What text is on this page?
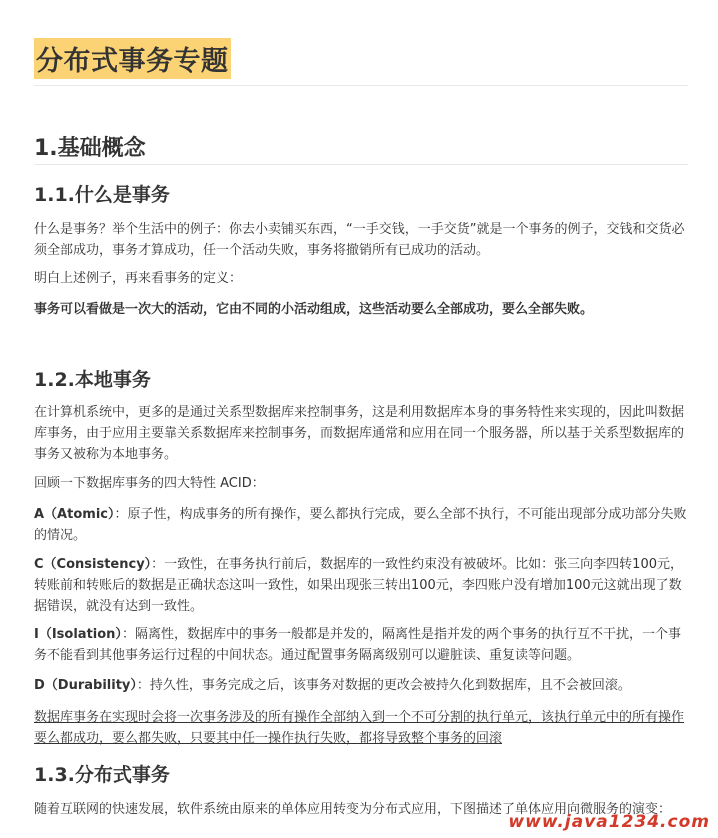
分布式事务专题
1.基础概念
1.1.什么是事务

什么是事务？举个生活中的例子：你去小卖铺买东西，“一手交钱，一手交货”就是一个事务的例子，交钱和交货必须全部成功，事务才算成功，任一个活动失败，事务将撤销所有已成功的活动。

明白上述例子，再来看事务的定义：

事务可以看做是一次大的活动，它由不同的小活动组成，这些活动要么全部成功，要么全部失败。

1.2.本地事务

在计算机系统中，更多的是通过关系型数据库来控制事务，这是利用数据库本身的事务特性来实现的，因此叫数据库事务，由于应用主要靠关系数据库来控制事务，而数据库通常和应用在同一个服务器，所以基于关系型数据库的事务又被称为本地事务。

回顾一下数据库事务的四大特性 ACID：

A（Atomic）：原子性，构成事务的所有操作，要么都执行完成，要么全部不执行，不可能出现部分成功部分失败的情况。

C（Consistency）：一致性，在事务执行前后，数据库的一致性约束没有被破坏。比如：张三向李四转100元，转账前和转账后的数据是正确状态这叫一致性，如果出现张三转出100元，李四账户没有增加100元这就出现了数据错误，就没有达到一致性。

I（Isolation）：隔离性，数据库中的事务一般都是并发的，隔离性是指并发的两个事务的执行互不干扰，一个事务不能看到其他事务运行过程的中间状态。通过配置事务隔离级别可以避脏读、重复读等问题。

D（Durability）：持久性，事务完成之后，该事务对数据的更改会被持久化到数据库，且不会被回滚。

数据库事务在实现时会将一次事务涉及的所有操作全部纳入到一个不可分割的执行单元，该执行单元中的所有操作要么都成功，要么都失败，只要其中任一操作执行失败，都将导致整个事务的回滚

1.3.分布式事务

随着互联网的快速发展，软件系统由原来的单体应用转变为分布式应用，下图描述了单体应用向微服务的演变：

www.java1234.com
